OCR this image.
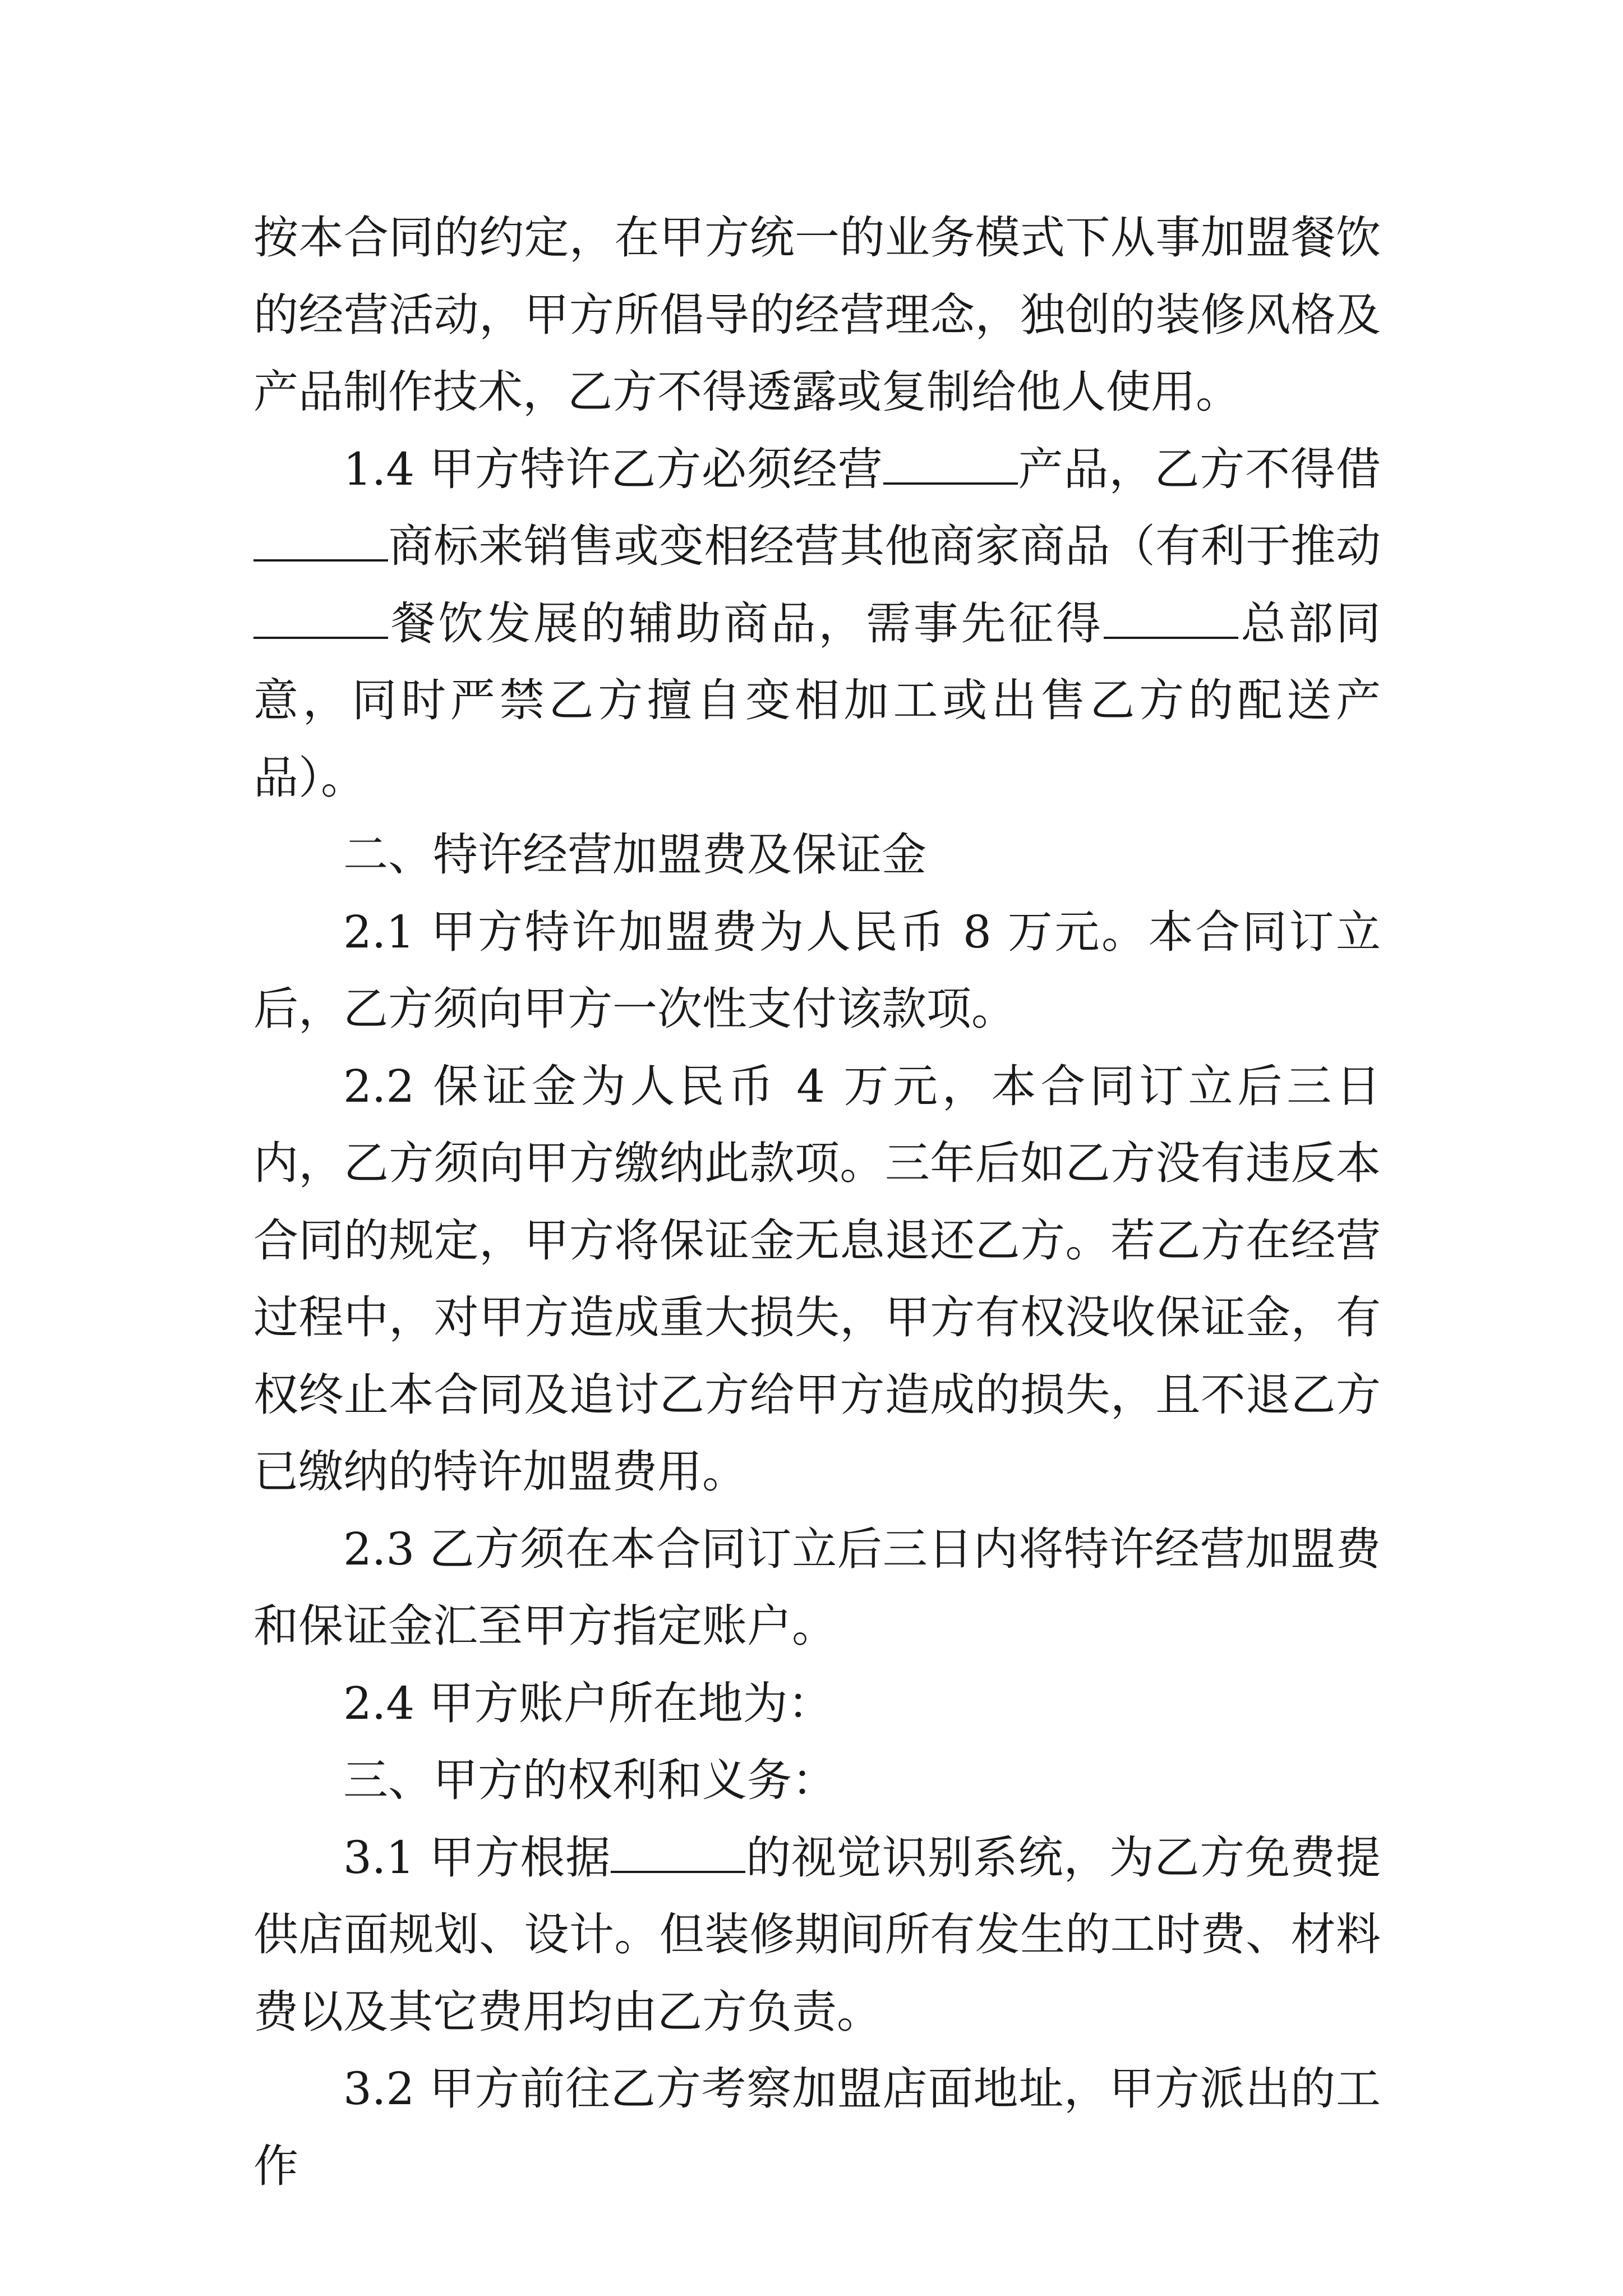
按本合同的约定，在甲方统一的业务模式下从事加盟餐饮的经营活动，甲方所倡导的经营理念，独创的装修风格及产品制作技术，乙方不得透露或复制给他人使用。

1.4 甲方特许乙方必须经营	产品，乙方不得借商标来销售或变相经营其他商家商品（有利于推动餐饮发展的辅助商品，需事先征得	总部同意，同时严禁乙方擅自变相加工或出售乙方的配送产品）。

二、特许经营加盟费及保证金

2.1 甲方特许加盟费为人民币 8 万元。本合同订立后，乙方须向甲方一次性支付该款项。

2.2 保证金为人民币 4 万元，本合同订立后三日内，乙方须向甲方缴纳此款项。三年后如乙方没有违反本合同的规定，甲方将保证金无息退还乙方。若乙方在经营过程中，对甲方造成重大损失，甲方有权没收保证金，有权终止本合同及追讨乙方给甲方造成的损失，且不退乙方已缴纳的特许加盟费用。

2.3 乙方须在本合同订立后三日内将特许经营加盟费和保证金汇至甲方指定账户。

2.4 甲方账户所在地为：

三、甲方的权利和义务：

3.1 甲方根据	的视觉识别系统，为乙方免费提供店面规划、设计。但装修期间所有发生的工时费、材料费以及其它费用均由乙方负责。

3.2 甲方前往乙方考察加盟店面地址，甲方派出的工作
